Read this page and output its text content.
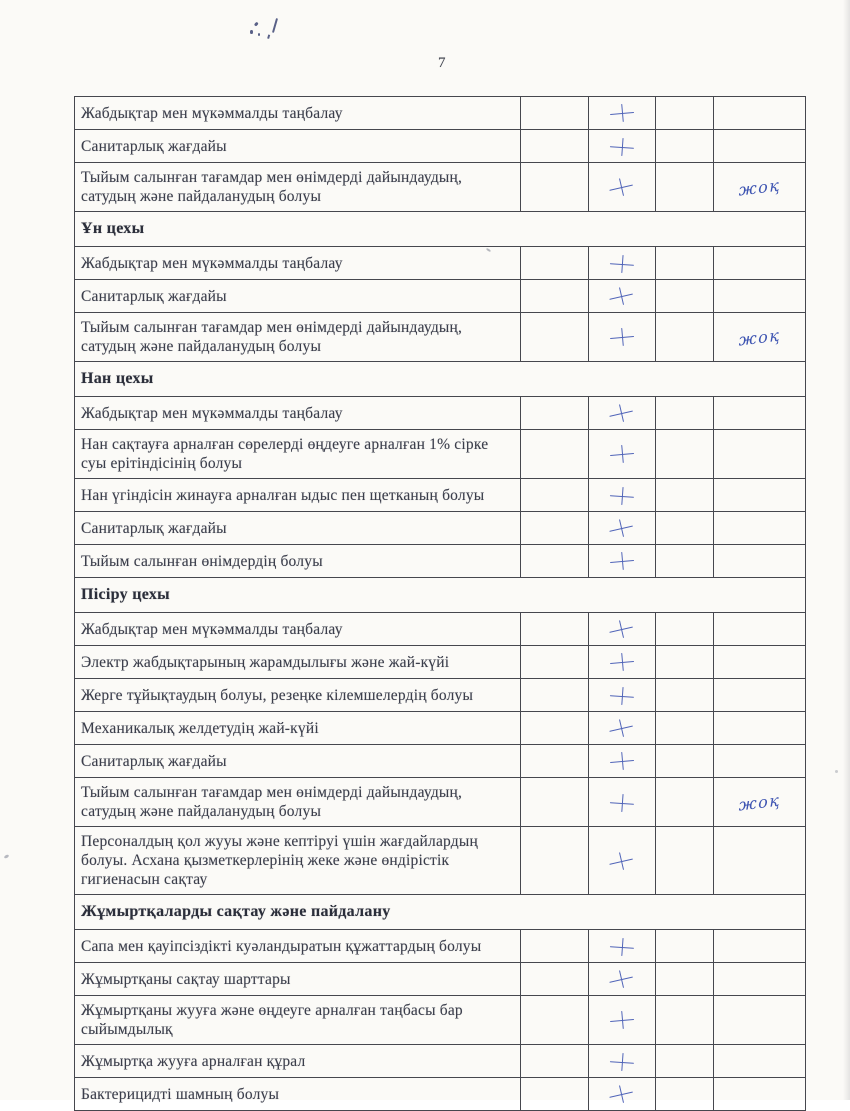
7
Жабдықтар мен мүкәммалды таңбалау		

Санитарлық жағдайы		

Тыйым салынған тағамдар мен өнімдерді дайындаудың, сатудың және пайдаланудың болуы				жоқ

Ұн цехы				
Жабдықтар мен мүкәммалды таңбалау		

Санитарлық жағдайы		

Тыйым салынған тағамдар мен өнімдерді дайындаудың, сатудың және пайдаланудың болуы				жоқ

Нан цехы				
Жабдықтар мен мүкәммалды таңбалау		

Нан сақтауға арналған сөрелерді өңдеуге арналған 1% сірке суы ерітіндісінің болуы		

Нан үгіндісін жинауға арналған ыдыс пен щетканың болуы		

Санитарлық жағдайы		

Тыйым салынған өнімдердің болуы		

Пісіру цехы				
Жабдықтар мен мүкәммалды таңбалау		

Электр жабдықтарының жарамдылығы және жай-күйі		

Жерге тұйықтаудың болуы, резеңке кілемшелердің болуы		

Механикалық желдетудің жай-күйі		

Санитарлық жағдайы		

Тыйым салынған тағамдар мен өнімдерді дайындаудың, сатудың және пайдаланудың болуы				жоқ

Персоналдың қол жууы және кептіруі үшін жағдайлардың болуы. Асхана қызметкерлерінің жеке және өндірістік гигиенасын сақтау		

Жұмыртқаларды сақтау және пайдалану				
Сапа мен қауіпсіздікті куәландыратын құжаттардың болуы		

Жұмыртқаны сақтау шарттары		

Жұмыртқаны жууға және өңдеуге арналған таңбасы бар сыйымдылық		

Жұмыртқа жууға арналған құрал		

Бактерицидті шамның болуы		
